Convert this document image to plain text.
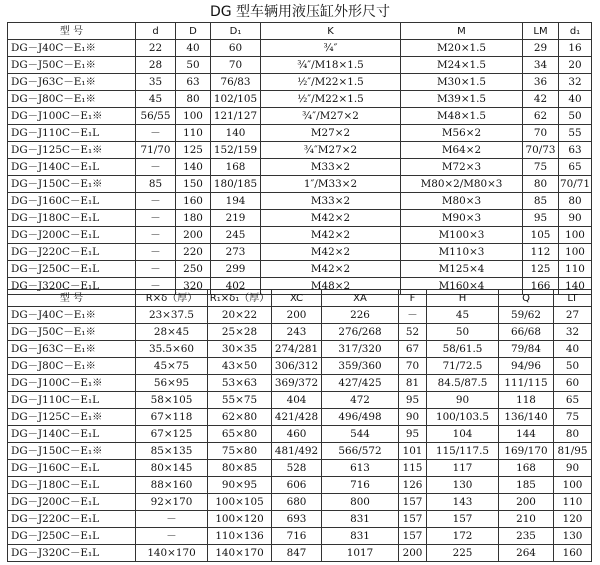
DG 型车辆用液压缸外形尺寸
型 号	d	D	D₁	K	M	LM	d₁
DG－J40C－E₁※	22	40	60	¾″	M20×1.5	29	16
DG－J50C－E₁※	28	50	70	¾″/M18×1.5	M24×1.5	34	20
DG－J63C－E₁※	35	63	76/83	½″/M22×1.5	M30×1.5	36	32
DG－J80C－E₁※	45	80	102/105	½″/M22×1.5	M39×1.5	42	40
DG－J100C－E₁※	56/55	100	121/127	¾″/M27×2	M48×1.5	62	50
DG－J110C－E₁L	－	110	140	M27×2	M56×2	70	55
DG－J125C－E₁※	71/70	125	152/159	¾″M27×2	M64×2	70/73	63
DG－J140C－E₁L	－	140	168	M33×2	M72×3	75	65
DG－J150C－E₁※	85	150	180/185	1″/M33×2	M80×2/M80×3	80	70/71
DG－J160C－E₁L	－	160	194	M33×2	M80×3	85	80
DG－J180C－E₁L	－	180	219	M42×2	M90×3	95	90
DG－J200C－E₁L	－	200	245	M42×2	M100×3	105	100
DG－J220C－E₁L	－	220	273	M42×2	M110×3	112	100
DG－J250C－E₁L	－	250	299	M42×2	M125×4	125	110
DG－J320C－E₁L	－	320	402	M48×2	M160×4	166	140
型 号	R×δ（厚）	R₁×δ₁（厚）	XC	XA	F	H	Q	LT
DG－J40C－E₁※	23×37.5	20×22	200	226	－	45	59/62	27
DG－J50C－E₁※	28×45	25×28	243	276/268	52	50	66/68	32
DG－J63C－E₁※	35.5×60	30×35	274/281	317/320	67	58/61.5	79/84	40
DG－J80C－E₁※	45×75	43×50	306/312	359/360	70	71/72.5	94/96	50
DG－J100C－E₁※	56×95	53×63	369/372	427/425	81	84.5/87.5	111/115	60
DG－J110C－E₁L	58×105	55×75	404	472	95	90	118	65
DG－J125C－E₁※	67×118	62×80	421/428	496/498	90	100/103.5	136/140	75
DG－J140C－E₁L	67×125	65×80	460	544	95	104	144	80
DG－J150C－E₁※	85×135	75×80	481/492	566/572	101	115/117.5	169/170	81/95
DG－J160C－E₁L	80×145	80×85	528	613	115	117	168	90
DG－J180C－E₁L	88×160	90×95	606	716	126	130	185	100
DG－J200C－E₁L	92×170	100×105	680	800	157	143	200	110
DG－J220C－E₁L	－	100×120	693	831	157	157	210	120
DG－J250C－E₁L	－	110×136	716	831	157	172	235	130
DG－J320C－E₁L	140×170	140×170	847	1017	200	225	264	160
